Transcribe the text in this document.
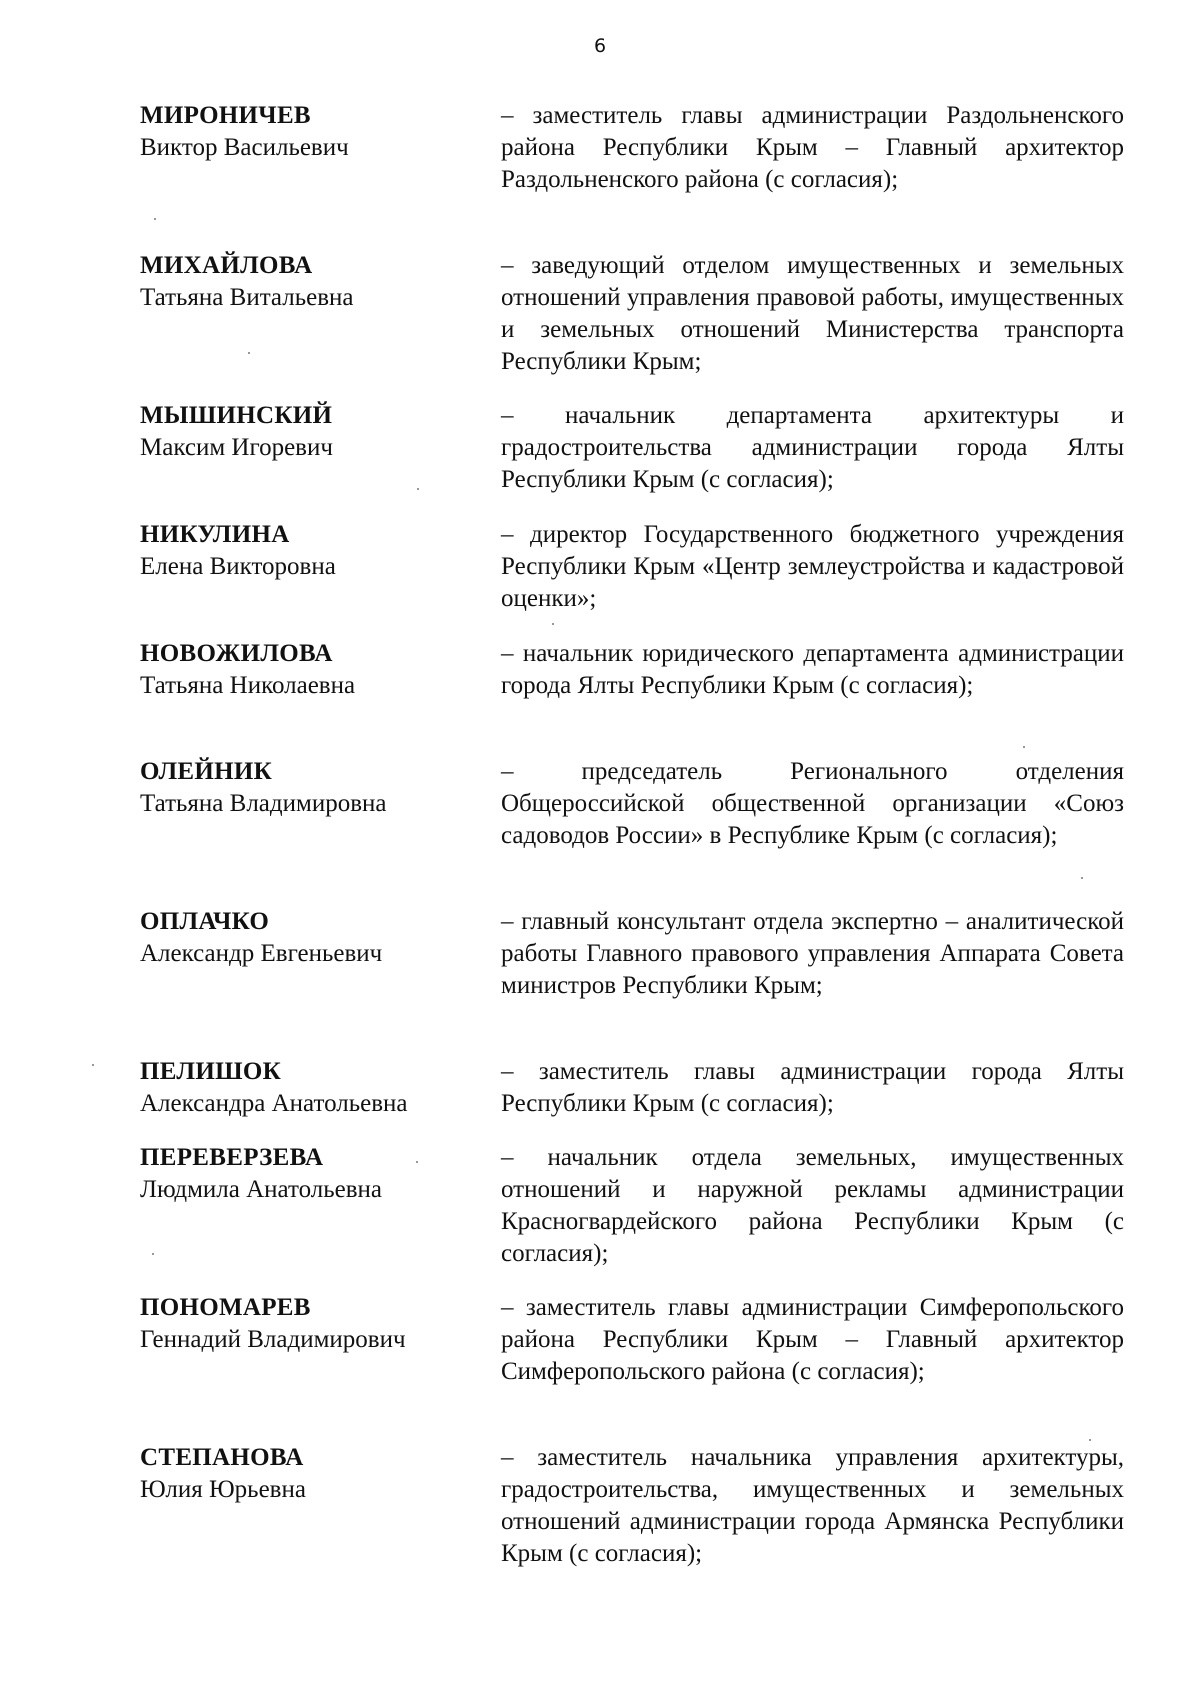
6
МИРОНИЧЕВ
Виктор Васильевич
– заместитель главы администрации Раздольненского района Республики Крым – Главный архитектор Раздольненского района (с согласия);
МИХАЙЛОВА
Татьяна Витальевна
– заведующий отделом имущественных и земельных отношений управления правовой работы, имущественных и земельных отношений Министерства транспорта Республики Крым;
МЫШИНСКИЙ
Максим Игоревич
– начальник департамента архитектуры и градостроительства администрации города Ялты Республики Крым (с согласия);
НИКУЛИНА
Елена Викторовна
– директор Государственного бюджетного учреждения Республики Крым «Центр землеустройства и кадастровой оценки»;
НОВОЖИЛОВА
Татьяна Николаевна
– начальник юридического департамента администрации города Ялты Республики Крым (с согласия);
ОЛЕЙНИК
Татьяна Владимировна
– председатель Регионального отделения Общероссийской общественной организации «Союз садоводов России» в Республике Крым (с согласия);
ОПЛАЧКО
Александр Евгеньевич
– главный консультант отдела экспертно – аналитической работы Главного правового управления Аппарата Совета министров Республики Крым;
ПЕЛИШОК
Александра Анатольевна
– заместитель главы администрации города Ялты Республики Крым (с согласия);
ПЕРЕВЕРЗЕВА
Людмила Анатольевна
– начальник отдела земельных, имущественных отношений и наружной рекламы администрации Красногвардейского района Республики Крым (с согласия);
ПОНОМАРЕВ
Геннадий Владимирович
– заместитель главы администрации Симферопольского района Республики Крым – Главный архитектор Симферопольского района (с согласия);
СТЕПАНОВА
Юлия Юрьевна
– заместитель начальника управления архитектуры, градостроительства, имущественных и земельных отношений администрации города Армянска Республики Крым (с согласия);
